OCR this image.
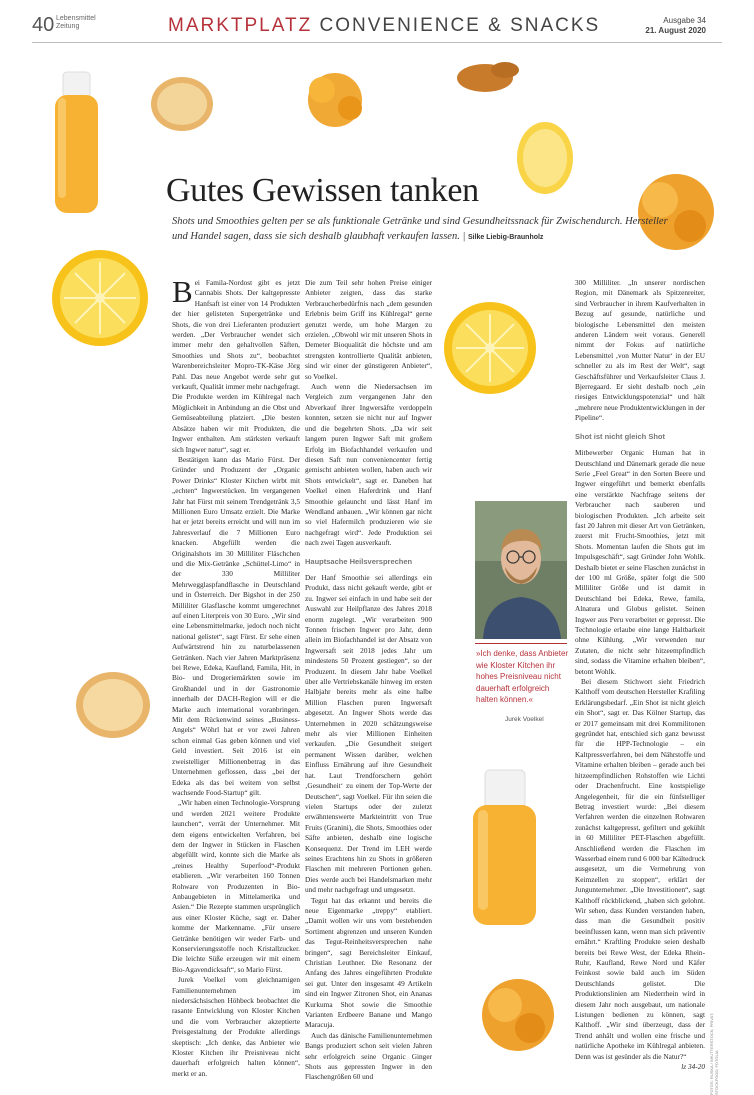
40 Lebensmittel
Zeitung	MARKTPLATZ CONVENIENCE & SNACKS	Ausgabe 34
21. August 2020
Gutes Gewissen tanken
Shots und Smoothies gelten per se als funktionale Getränke und sind Gesundheitssnack für Zwischendurch. Hersteller und Handel sagen, dass sie sich deshalb glaubhaft verkaufen lassen. | Silke Liebig-Braunholz

Bei Famila-Nordost gibt es jetzt Cannabis Shots. Der kaltgepresste Hanfsaft ist einer von 14 Produkten der hier gelisteten Supergetränke und Shots, die von drei Lieferanten produziert werden. „Der Verbraucher wendet sich immer mehr den gehaltvollen Säften, Smoothies und Shots zu“, beobachtet Warenbereichsleiter Mopro-TK-Käse Jörg Pahl. Das neue Angebot werde sehr gut verkauft, Qualität immer mehr nachgefragt. Die Produkte werden im Kühlregal nach Möglichkeit in Anbindung an die Obst und Gemüseabteilung platziert. „Die besten Absätze haben wir mit Produkten, die Ingwer enthalten. Am stärksten verkauft sich Ingwer natur“, sagt er.

Bestätigen kann das Mario Fürst. Der Gründer und Produzent der „Organic Power Drinks“ Kloster Kitchen wirbt mit „echten“ Ingwerstücken. Im vergangenen Jahr hat Fürst mit seinem Trendgetränk 3,5 Millionen Euro Umsatz erzielt. Die Marke hat er jetzt bereits erreicht und will nun im Jahresverlauf die 7 Millionen Euro knacken. Abgefüllt werden die Originalshots im 30 Milliliter Fläschchen und die Mix-Getränke „Schüttel-Limo“ in der 330 Milliliter Mehrwegglaspfandflasche in Deutschland und in Österreich. Der Bigshot in der 250 Milliliter Glasflasche kommt umgerechnet auf einen Literpreis von 30 Euro. „Wir sind eine Lebensmittelmarke, jedoch noch nicht national gelistet“, sagt Fürst. Er sehe einen Aufwärtstrend hin zu naturbelassenen Getränken. Nach vier Jahren Marktpräsenz bei Rewe, Edeka, Kaufland, Famila, Hit, in Bio- und Drogeriemärkten sowie im Großhandel und in der Gastronomie innerhalb der DACH-Region will er die Marke auch international voranbringen. Mit dem Rückenwind seines „Business-Angels“ Wöhrl hat er vor zwei Jahren schon einmal Gas geben können und viel Geld investiert. Seit 2016 ist ein zweistelliger Millionenbetrag in das Unternehmen geflossen, dass „bei der Edeka als das bei weitem von selbst wachsende Food-Startup“ gilt.

„Wir haben einen Technologie-Vorsprung und werden 2021 weitere Produkte launchen“, verrät der Unternehmer. Mit dem eigens entwickelten Verfahren, bei dem der Ingwer in Stücken in Flaschen abgefüllt wird, konnte sich die Marke als „reines Healthy Superfood“-Produkt etablieren. „Wir verarbeiten 160 Tonnen Rohware von Produzenten in Bio-Anbaugebieten in Mittelamerika und Asien.“ Die Rezepte stammen ursprünglich aus einer Kloster Küche, sagt er. Daher komme der Markenname. „Für unsere Getränke benötigen wir weder Farb- und Konservierungsstoffe noch Kristallzucker. Die leichte Süße erzeugen wir mit einem Bio-Agavendicksaft“, so Mario Fürst.

Jurek Voelkel vom gleichnamigen Familienunternehmen im niedersächsischen Höhbeck beobachtet die rasante Entwicklung von Kloster Kitchen und die vom Verbraucher akzeptierte Preisgestaltung der Produkte allerdings skeptisch: „Ich denke, das Anbieter wie Kloster Kitchen ihr Preisniveau nicht dauerhaft erfolgreich halten können“, merkt er an.

Die zum Teil sehr hohen Preise einiger Anbieter zeigten, dass das starke Verbraucherbedürfnis nach „dem gesunden Erlebnis beim Griff ins Kühlregal“ gerne genutzt werde, um hohe Margen zu erzielen. „Obwohl wir mit unseren Shots in Demeter Bioqualität die höchste und am strengsten kontrollierte Qualität anbieten, sind wir einer der günstigeren Anbieter“, so Voelkel.

Auch wenn die Niedersachsen im Vergleich zum vergangenen Jahr den Abverkauf ihrer Ingwersäfte verdoppeln konnten, setzen sie nicht nur auf Ingwer und die begehrten Shots. „Da wir seit langem puren Ingwer Saft mit großem Erfolg im Biofachhandel verkaufen und diesen Saft nun conveniencenter fertig gemischt anbieten wollen, haben auch wir Shots entwickelt“, sagt er. Daneben hat Voelkel einen Haferdrink und Hanf Smoothie gelauncht und lässt Hanf im Wendland anbauen. „Wir können gar nicht so viel Hafermilch produzieren wie sie nachgefragt wird“. Jede Produktion sei nach zwei Tagen ausverkauft.

Hauptsache Heilsversprechen

Der Hanf Smoothie sei allerdings ein Produkt, dass nicht gekauft werde, gibt er zu. Ingwer sei einfach in und habe seit der Auswahl zur Heilpflanze des Jahres 2018 enorm zugelegt. „Wir verarbeiten 900 Tonnen frischen Ingwer pro Jahr, denn allein im Biofachhandel ist der Absatz von Ingwersaft seit 2018 jedes Jahr um mindestens 50 Prozent gestiegen“, so der Produzent. In diesem Jahr habe Voelkel über alle Vertriebskanäle hinweg im ersten Halbjahr bereits mehr als eine halbe Million Flaschen puren Ingwersaft abgesetzt. An Ingwer Shots werde das Unternehmen in 2020 schätzungsweise mehr als vier Millionen Einheiten verkaufen. „Die Gesundheit steigert permanent Wissen darüber, welchen Einfluss Ernährung auf ihre Gesundheit hat. Laut Trendforschern gehört ‚Gesundheit‘ zu einem der Top-Werte der Deutschen“, sagt Voelkel. Für ihn seien die vielen Startups oder der zuletzt erwähntenswerte Markteintritt von True Fruits (Granini), die Shots, Smoothies oder Säfte anbieten, deshalb eine logische Konsequenz. Der Trend im LEH werde seines Erachtens hin zu Shots in größeren Flaschen mit mehreren Portionen gehen. Dies werde auch bei Handelsmarken mehr und mehr nachgefragt und umgesetzt.

Tegut hat das erkannt und bereits die neue Eigenmarke „treppy“ etabliert. „Damit wollen wir uns vom bestehenden Sortiment abgrenzen und unseren Kunden das Tegut-Reinheitsversprechen nahe bringen“, sagt Bereichsleiter Einkauf, Christian Leuthner. Die Resonanz der Anfang des Jahres eingeführten Produkte sei gut. Unter den insgesamt 49 Artikeln sind ein Ingwer Zitronen Shot, ein Ananas Kurkuma Shot sowie die Smoothie Varianten Erdbeere Banane und Mango Maracuja.

Auch das dänische Familienunternehmen Bangs produziert schon seit vielen Jahren sehr erfolgreich seine Organic Ginger Shots aus gepressten Ingwer in den Flaschengrößen 60 und

300 Milliliter. „In unserer nordischen Region, mit Dänemark als Spitzenreiter, sind Verbraucher in ihrem Kaufverhalten in Bezug auf gesunde, natürliche und biologische Lebensmittel den meisten anderen Ländern weit voraus. Generell nimmt der Fokus auf natürliche Lebensmittel ‚von Mutter Natur‘ in der EU schneller zu als im Rest der Welt“, sagt Geschäftsführer und Verkaufsleiter Claus J. Bjerregaard. Er sieht deshalb noch „ein riesiges Entwicklungspotenzial“ und hält „mehrere neue Produktentwicklungen in der Pipeline“.

Shot ist nicht gleich Shot

Mitbewerber Organic Human hat in Deutschland und Dänemark gerade die neue Serie „Feel Great“ in den Sorten Beere und Ingwer eingeführt und bemerkt ebenfalls eine verstärkte Nachfrage seitens der Verbraucher nach sauberen und biologischen Produkten. „Ich arbeite seit fast 20 Jahren mit dieser Art von Getränken, zuerst mit Frucht-Smoothies, jetzt mit Shots. Momentan laufen die Shots gut im Impulsgeschäft“, sagt Gründer John Wohlk. Deshalb bietet er seine Flaschen zunächst in der 100 ml Größe, später folgt die 500 Milliliter Größe und ist damit in Deutschland bei Edeka, Rewe, famila, Alnatura und Globus gelistet. Seinen Ingwer aus Peru verarbeitet er gepresst. Die Technologie erlaube eine lange Haltbarkeit ohne Kühlung. „Wir verwenden nur Zutaten, die nicht sehr hitzeempfindlich sind, sodass die Vitamine erhalten bleiben“, betont Wohlk.

Bei diesem Stichwort sieht Friedrich Kalthoff vom deutschen Hersteller Krafiling Erklärungsbedarf. „Ein Shot ist nicht gleich ein Shot“, sagt er. Das Kölner Startup, das er 2017 gemeinsam mit drei Kommilitonen gegründet hat, entschied sich ganz bewusst für die HPP-Technologie – ein Kaltpressverfahren, bei dem Nährstoffe und Vitamine erhalten bleiben – gerade auch bei hitzeempfindlichen Rohstoffen wie Lichti oder Drachenfrucht. Eine kostspielige Angelegenheit, für die ein fünfstelliger Betrag investiert wurde: „Bei diesem Verfahren werden die einzelnen Rohwaren zunächst kaltgepresst, gefiltert und gekühlt in 60 Milliliter PET-Flaschen abgefüllt. Anschließend werden die Flaschen im Wasserbad einem rund 6 000 bar Kältedruck ausgesetzt, um die Vermehrung von Keimzellen zu stoppen“, erklärt der Jungunternehmer. „Die Investitionen“, sagt Kalthoff rückblickend, „haben sich gelohnt. Wir sehen, dass Kunden verstanden haben, dass man die Gesundheit positiv beeinflussen kann, wenn man sich präventiv ernährt.“ Kraftling Produkte seien deshalb bereits bei Rewe West, der Edeka Rhein-Ruhr, Kaufland, Rewe Nord und Käfer Feinkost sowie bald auch im Süden Deutschlands gelistet. Die Produktionslinien am Niederrhein wird in diesem Jahr noch ausgebaut, um nationale Listungen bedienen zu können, sagt Kalthoff. „Wir sind überzeugt, dass der Trend anhält und wollen eine frische und natürliche Apotheke im Kühlregal anbieten. Denn was ist gesünder als die Natur?“

lz 34-20

»Ich denke, dass Anbieter wie Kloster Kitchen ihr hohes Preisniveau nicht dauerhaft erfolgreich halten können.«
Jurek Voelkel
FOTOS: RUSKA / SHUTTERSTOCK; PRIVAT; STOCKFOOD; FOTOLIA
